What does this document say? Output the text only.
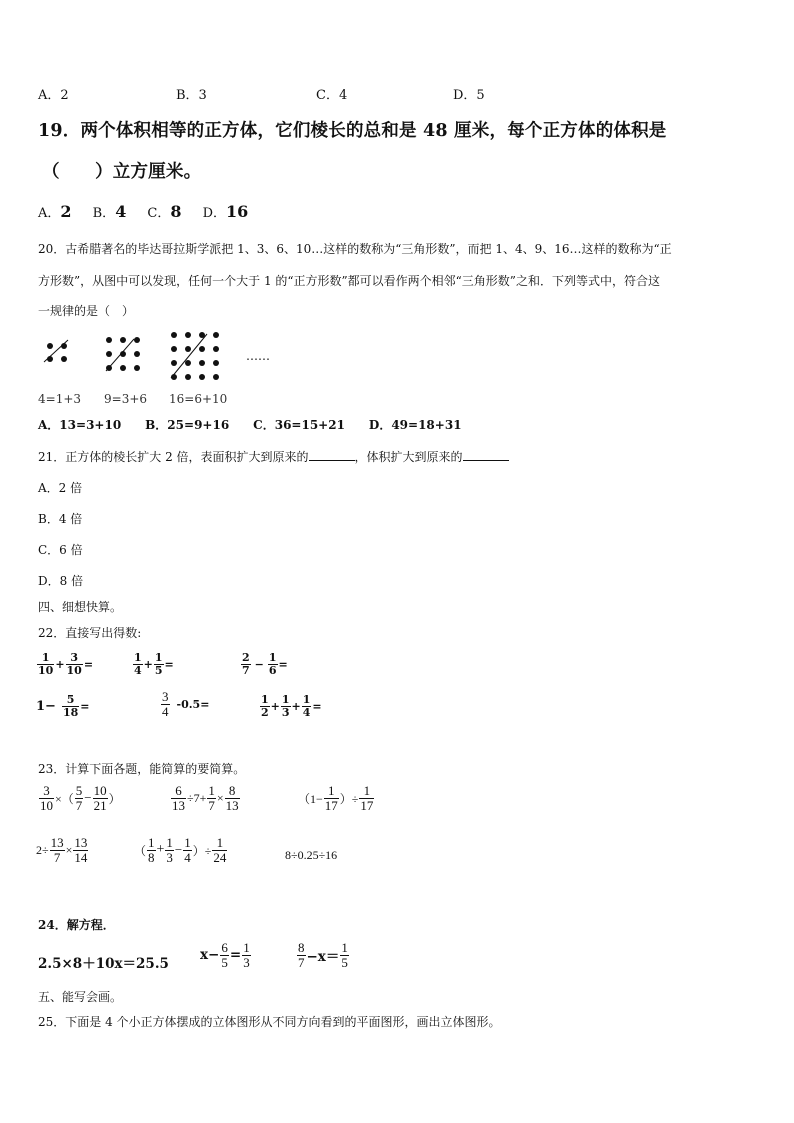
A．2	B．3	C．4	D．5
19．两个体积相等的正方体，它们棱长的总和是 48 厘米，每个正方体的体积是
（　　）立方厘米。
A．2 B．4 C．8 D．16
20．古希腊著名的毕达哥拉斯学派把 1、3、6、10…这样的数称为“三角形数”，而把 1、4、9、16…这样的数称为“正
方形数”，从图中可以发现，任何一个大于 1 的“正方形数”都可以看作两个相邻“三角形数”之和．下列等式中，符合这
一规律的是（　）
……
4=1+3 9=3+6 16=6+10
A．13=3+10　　B．25=9+16　　C．36=15+21　　D．49=18+31
21．正方体的棱长扩大 2 倍，表面积扩大到原来的	，体积扩大到原来的
A．2 倍
B．4 倍
C．6 倍
D．8 倍
四、细想快算。
22．直接写出得数:
$\frac{1}{10} + \frac{3}{10}$ =	$\frac{1}{4} + \frac{1}{5}$ =	$\frac{2}{7} - \frac{1}{6}$ =
$1- \frac{5}{18}$ =	$\frac{3}{4} -0.5=$	$\frac{1}{2} + \frac{1}{3} + \frac{1}{4}$ =
23．计算下面各题，能简算的要简算。
$\frac{3}{10}$ ×（ $\frac{5}{7} - \frac{10}{21}$ ）	$\frac{6}{13} \div 7+ \frac{1}{7} \times \frac{8}{13}$	（$1- \frac{1}{17}$ ）÷ $\frac{1}{17}$
$2\div \frac{13}{7} \times \frac{13}{14}$	（ $\frac{1}{8} + \frac{1}{3} - \frac{1}{4}$ ）÷ $\frac{1}{24}$	8÷0.25÷16
24．解方程．
2.5×8＋10x＝25.5
$x- \frac{6}{5} = \frac{1}{3}$	$\frac{8}{7} -x= \frac{1}{5}$
五、能写会画。
25．下面是 4 个小正方体摆成的立体图形从不同方向看到的平面图形，画出立体图形。
